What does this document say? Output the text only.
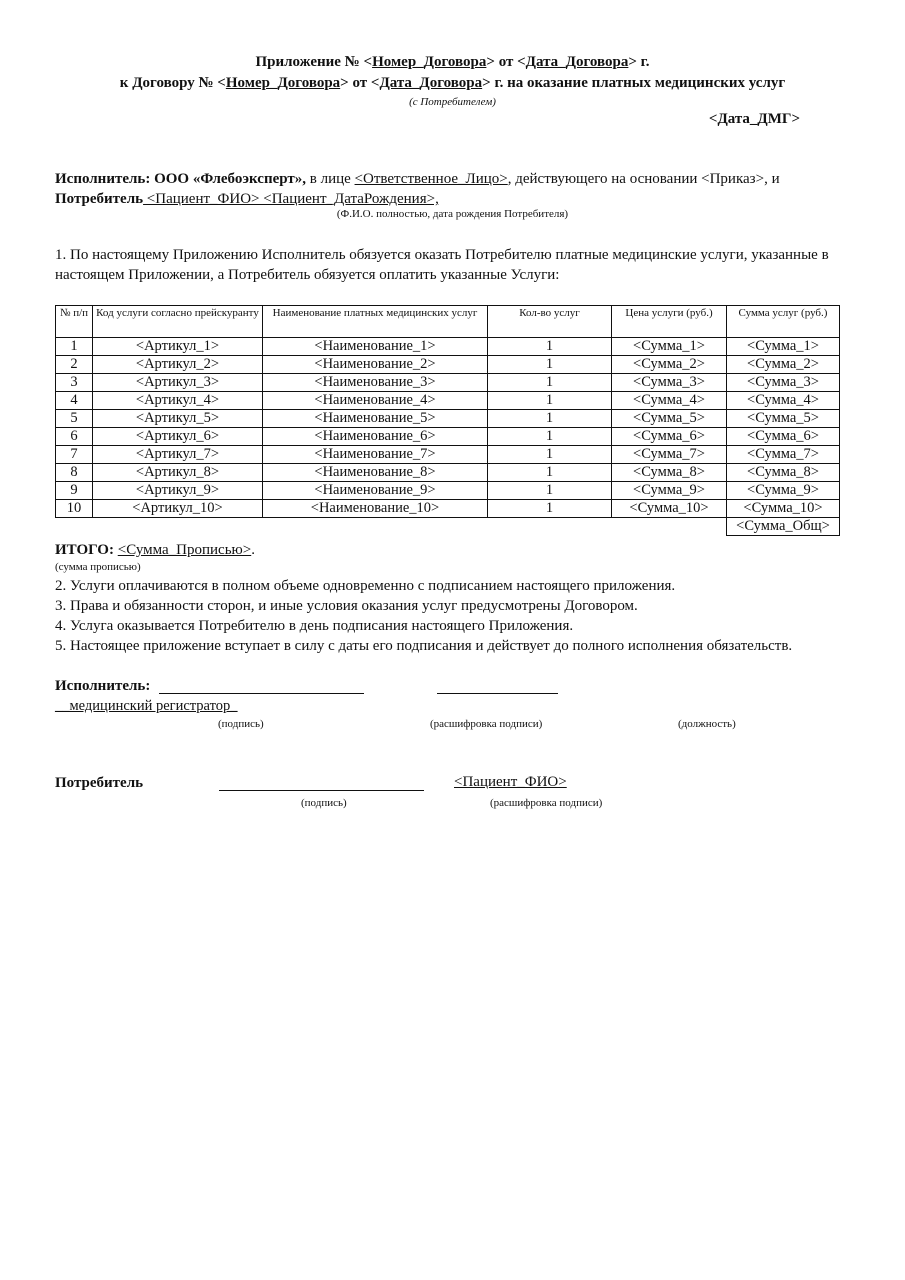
Приложение № <Номер_Договора> от <Дата_Договора> г.
к Договору № <Номер_Договора> от <Дата_Договора> г. на оказание платных медицинских услуг
(с Потребителем)
<Дата_ДМГ>
Исполнитель: ООО «Флебоэксперт», в лице <Ответственное_Лицо>, действующего на основании <Приказ>, и
Потребитель <Пациент_ФИО> <Пациент_ДатаРождения>,
(Ф.И.О. полностью, дата рождения Потребителя)
1. По настоящему Приложению Исполнитель обязуется оказать Потребителю платные медицинские услуги, указанные в настоящем Приложении, а Потребитель обязуется оплатить указанные Услуги:
№ п/п	Код услуги согласно прейскуранту	Наименование платных медицинских услуг	Кол-во услуг	Цена услуги (руб.)	Сумма услуг (руб.)
1	<Артикул_1>	<Наименование_1>	1	<Сумма_1>	<Сумма_1>
2	<Артикул_2>	<Наименование_2>	1	<Сумма_2>	<Сумма_2>
3	<Артикул_3>	<Наименование_3>	1	<Сумма_3>	<Сумма_3>
4	<Артикул_4>	<Наименование_4>	1	<Сумма_4>	<Сумма_4>
5	<Артикул_5>	<Наименование_5>	1	<Сумма_5>	<Сумма_5>
6	<Артикул_6>	<Наименование_6>	1	<Сумма_6>	<Сумма_6>
7	<Артикул_7>	<Наименование_7>	1	<Сумма_7>	<Сумма_7>
8	<Артикул_8>	<Наименование_8>	1	<Сумма_8>	<Сумма_8>
9	<Артикул_9>	<Наименование_9>	1	<Сумма_9>	<Сумма_9>
10	<Артикул_10>	<Наименование_10>	1	<Сумма_10>	<Сумма_10>
					<Сумма_Общ>
ИТОГО: <Сумма_Прописью>.
(сумма прописью)
2. Услуги оплачиваются в полном объеме одновременно с подписанием настоящего приложения.
3. Права и обязанности сторон, и иные условия оказания услуг предусмотрены Договором.
4. Услуга оказывается Потребителю в день подписания настоящего Приложения.
5. Настоящее приложение вступает в силу с даты его подписания и действует до полного исполнения обязательств.
Исполнитель:
__медицинский регистратор_
(подпись)	(расшифровка подписи)	(должность)
Потребитель	<Пациент_ФИО>
(подпись)	(расшифровка подписи)
